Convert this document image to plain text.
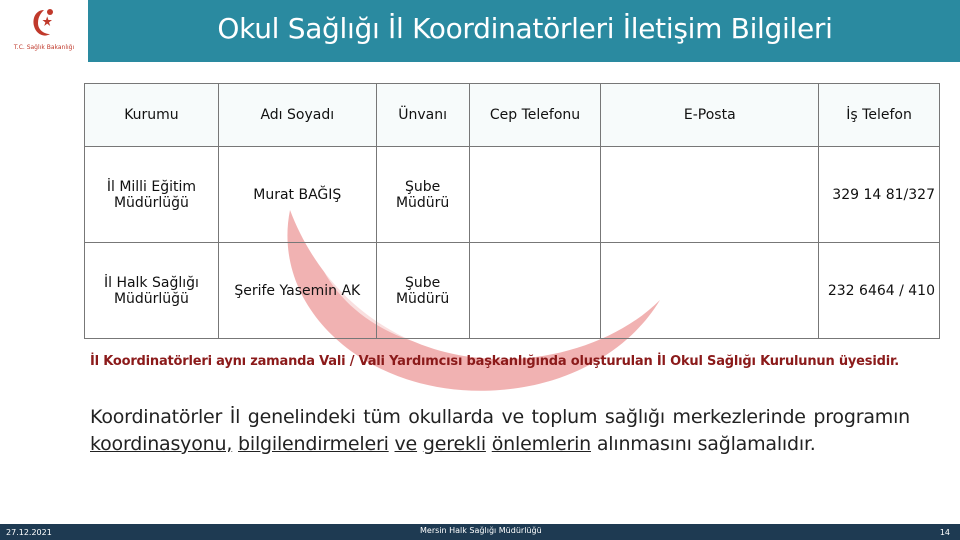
T.C. Sağlık Bakanlığı
Okul Sağlığı İl Koordinatörleri İletişim Bilgileri
Kurumu	Adı Soyadı	Ünvanı	Cep Telefonu	E-Posta	İş Telefon
İl Milli Eğitim Müdürlüğü	Murat BAĞIŞ	Şube Müdürü			329 14 81/327
İl Halk Sağlığı Müdürlüğü	Şerife Yasemin AK	Şube Müdürü			232 6464 / 410
İl Koordinatörleri aynı zamanda Vali / Vali Yardımcısı başkanlığında oluşturulan İl Okul Sağlığı Kurulunun üyesidir.
Koordinatörler İl genelindeki tüm okullarda ve toplum sağlığı merkezlerinde programın koordinasyonu, bilgilendirmeleri ve gerekli önlemlerin alınmasını sağlamalıdır.
27.12.2021	Mersin Halk Sağlığı Müdürlüğü	14
